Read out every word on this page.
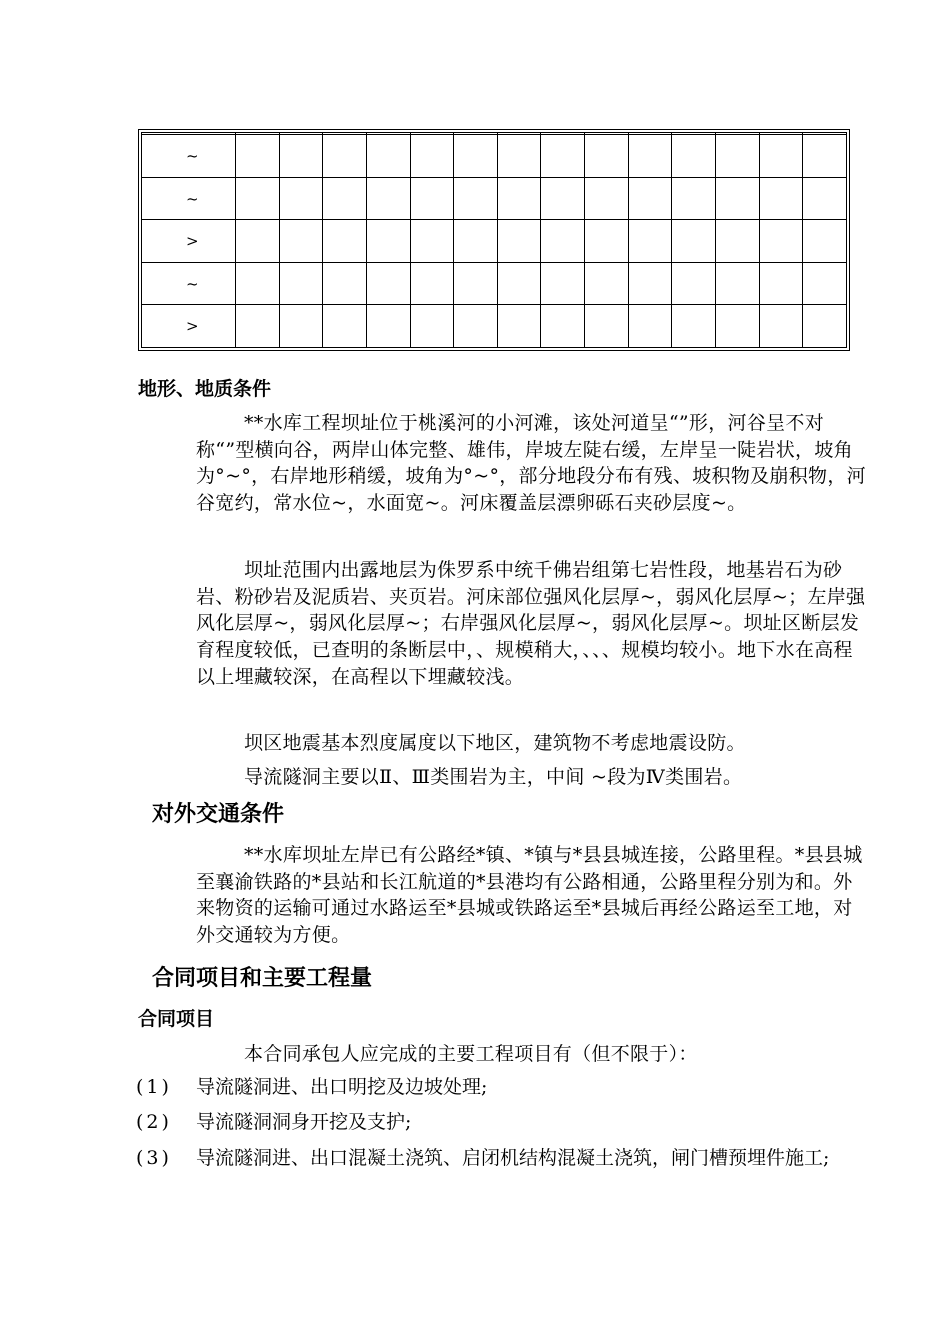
~														
~														
>														
~														
>														
地形、地质条件

**水库工程坝址位于桃溪河的小河滩，该处河道呈“”形，河谷呈不对称“”型横向谷，两岸山体完整、雄伟，岸坡左陡右缓，左岸呈一陡岩状，坡角为°~°，右岸地形稍缓，坡角为°~°，部分地段分布有残、坡积物及崩积物，河谷宽约，常水位~，水面宽~。河床覆盖层漂卵砾石夹砂层度~。

坝址范围内出露地层为侏罗系中统千佛岩组第七岩性段，地基岩石为砂岩、粉砂岩及泥质岩、夹页岩。河床部位强风化层厚~，弱风化层厚~；左岸强风化层厚~，弱风化层厚~；右岸强风化层厚~，弱风化层厚~。坝址区断层发育程度较低，已查明的条断层中，、规模稍大，、、、规模均较小。地下水在高程以上埋藏较深，在高程以下埋藏较浅。

坝区地震基本烈度属度以下地区，建筑物不考虑地震设防。

导流隧洞主要以Ⅱ、Ⅲ类围岩为主，中间 ~段为Ⅳ类围岩。

对外交通条件

**水库坝址左岸已有公路经*镇、*镇与*县县城连接，公路里程。*县县城至襄渝铁路的*县站和长江航道的*县港均有公路相通，公路里程分别为和。外来物资的运输可通过水路运至*县城或铁路运至*县城后再经公路运至工地，对外交通较为方便。

合同项目和主要工程量
合同项目

本合同承包人应完成的主要工程项目有（但不限于）：

(1) 导流隧洞进、出口明挖及边坡处理;
(2) 导流隧洞洞身开挖及支护;
(3) 导流隧洞进、出口混凝土浇筑、启闭机结构混凝土浇筑，闸门槽预埋件施工;
